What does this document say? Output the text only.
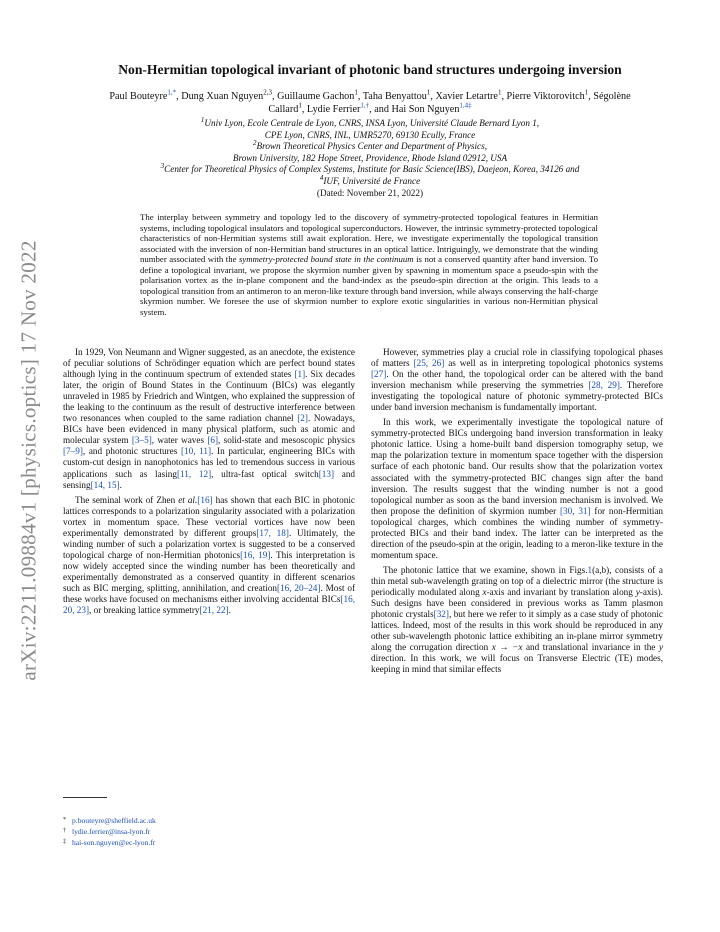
arXiv:2211.09884v1 [physics.optics] 17 Nov 2022
Non-Hermitian topological invariant of photonic band structures undergoing inversion
Paul Bouteyre$^{1,*}$, Dung Xuan Nguyen$^{2,3}$, Guillaume Gachon$^1$, Taha Benyattou$^1$, Xavier Letartre$^1$, Pierre Viktorovitch$^1$, Ségolène Callard$^1$, Lydie Ferrier$^{1,\dagger}$, and Hai Son Nguyen$^{1,4\ddagger}$
$^1$Univ Lyon, Ecole Centrale de Lyon, CNRS, INSA Lyon, Université Claude Bernard Lyon 1,
CPE Lyon, CNRS, INL, UMR5270, 69130 Ecully, France
$^2$Brown Theoretical Physics Center and Department of Physics,
Brown University, 182 Hope Street, Providence, Rhode Island 02912, USA
$^3$Center for Theoretical Physics of Complex Systems, Institute for Basic Science(IBS), Daejeon, Korea, 34126 and
$^4$IUF, Université de France
(Dated: November 21, 2022)
The interplay between symmetry and topology led to the discovery of symmetry-protected topological features in Hermitian systems, including topological insulators and topological superconductors. However, the intrinsic symmetry-protected topological characteristics of non-Hermitian systems still await exploration. Here, we investigate experimentally the topological transition associated with the inversion of non-Hermitian band structures in an optical lattice. Intriguingly, we demonstrate that the winding number associated with the symmetry-protected bound state in the continuum is not a conserved quantity after band inversion. To define a topological invariant, we propose the skyrmion number given by spawning in momentum space a pseudo-spin with the polarisation vortex as the in-plane component and the band-index as the pseudo-spin direction at the origin. This leads to a topological transition from an antimeron to an meron-like texture through band inversion, while always conserving the half-charge skyrmion number. We foresee the use of skyrmion number to explore exotic singularities in various non-Hermitian physical system.

In 1929, Von Neumann and Wigner suggested, as an anecdote, the existence of peculiar solutions of Schrödinger equation which are perfect bound states although lying in the continuum spectrum of extended states [1]. Six decades later, the origin of Bound States in the Continuum (BICs) was elegantly unraveled in 1985 by Friedrich and Wintgen, who explained the suppression of the leaking to the continuum as the result of destructive interference between two resonances when coupled to the same radiation channel [2]. Nowadays, BICs have been evidenced in many physical platform, such as atomic and molecular system [3–5], water waves [6], solid-state and mesoscopic physics [7–9], and photonic structures [10, 11]. In particular, engineering BICs with custom-cut design in nanophotonics has led to tremendous success in various applications such as lasing[11, 12], ultra-fast optical switch[13] and sensing[14, 15].

The seminal work of Zhen et al.[16] has shown that each BIC in photonic lattices corresponds to a polarization singularity associated with a polarization vortex in momentum space. These vectorial vortices have now been experimentally demonstrated by different groups[17, 18]. Ultimately, the winding number of such a polarization vortex is suggested to be a conserved topological charge of non-Hermitian photonics[16, 19]. This interpretation is now widely accepted since the winding number has been theoretically and experimentally demonstrated as a conserved quantity in different scenarios such as BIC merging, splitting, annihilation, and creation[16, 20–24]. Most of these works have focused on mechanisms either involving accidental BICs[16, 20, 23], or breaking lattice symmetry[21, 22].

However, symmetries play a crucial role in classifying topological phases of matters [25, 26] as well as in interpreting topological photonics systems [27]. On the other hand, the topological order can be altered with the band inversion mechanism while preserving the symmetries [28, 29]. Therefore investigating the topological nature of photonic symmetry-protected BICs under band inversion mechanism is fundamentally important.

In this work, we experimentally investigate the topological nature of symmetry-protected BICs undergoing band inversion transformation in leaky photonic lattice. Using a home-built band dispersion tomography setup, we map the polarization texture in momentum space together with the dispersion surface of each photonic band. Our results show that the polarization vortex associated with the symmetry-protected BIC changes sign after the band inversion. The results suggest that the winding number is not a good topological number as soon as the band inversion mechanism is involved. We then propose the definition of skyrmion number [30, 31] for non-Hermitian topological charges, which combines the winding number of symmetry-protected BICs and their band index. The latter can be interpreted as the direction of the pseudo-spin at the origin, leading to a meron-like texture in the momentum space.

The photonic lattice that we examine, shown in Figs.1(a,b), consists of a thin metal sub-wavelength grating on top of a dielectric mirror (the structure is periodically modulated along x-axis and invariant by translation along y-axis). Such designs have been considered in previous works as Tamm plasmon photonic crystals[32], but here we refer to it simply as a case study of photonic lattices. Indeed, most of the results in this work should be reproduced in any other sub-wavelength photonic lattice exhibiting an in-plane mirror symmetry along the corrugation direction x → −x and translational invariance in the y direction. In this work, we will focus on Transverse Electric (TE) modes, keeping in mind that similar effects

* p.bouteyre@sheffield.ac.uk
† lydie.ferrier@insa-lyon.fr
‡ hai-son.nguyen@ec-lyon.fr
